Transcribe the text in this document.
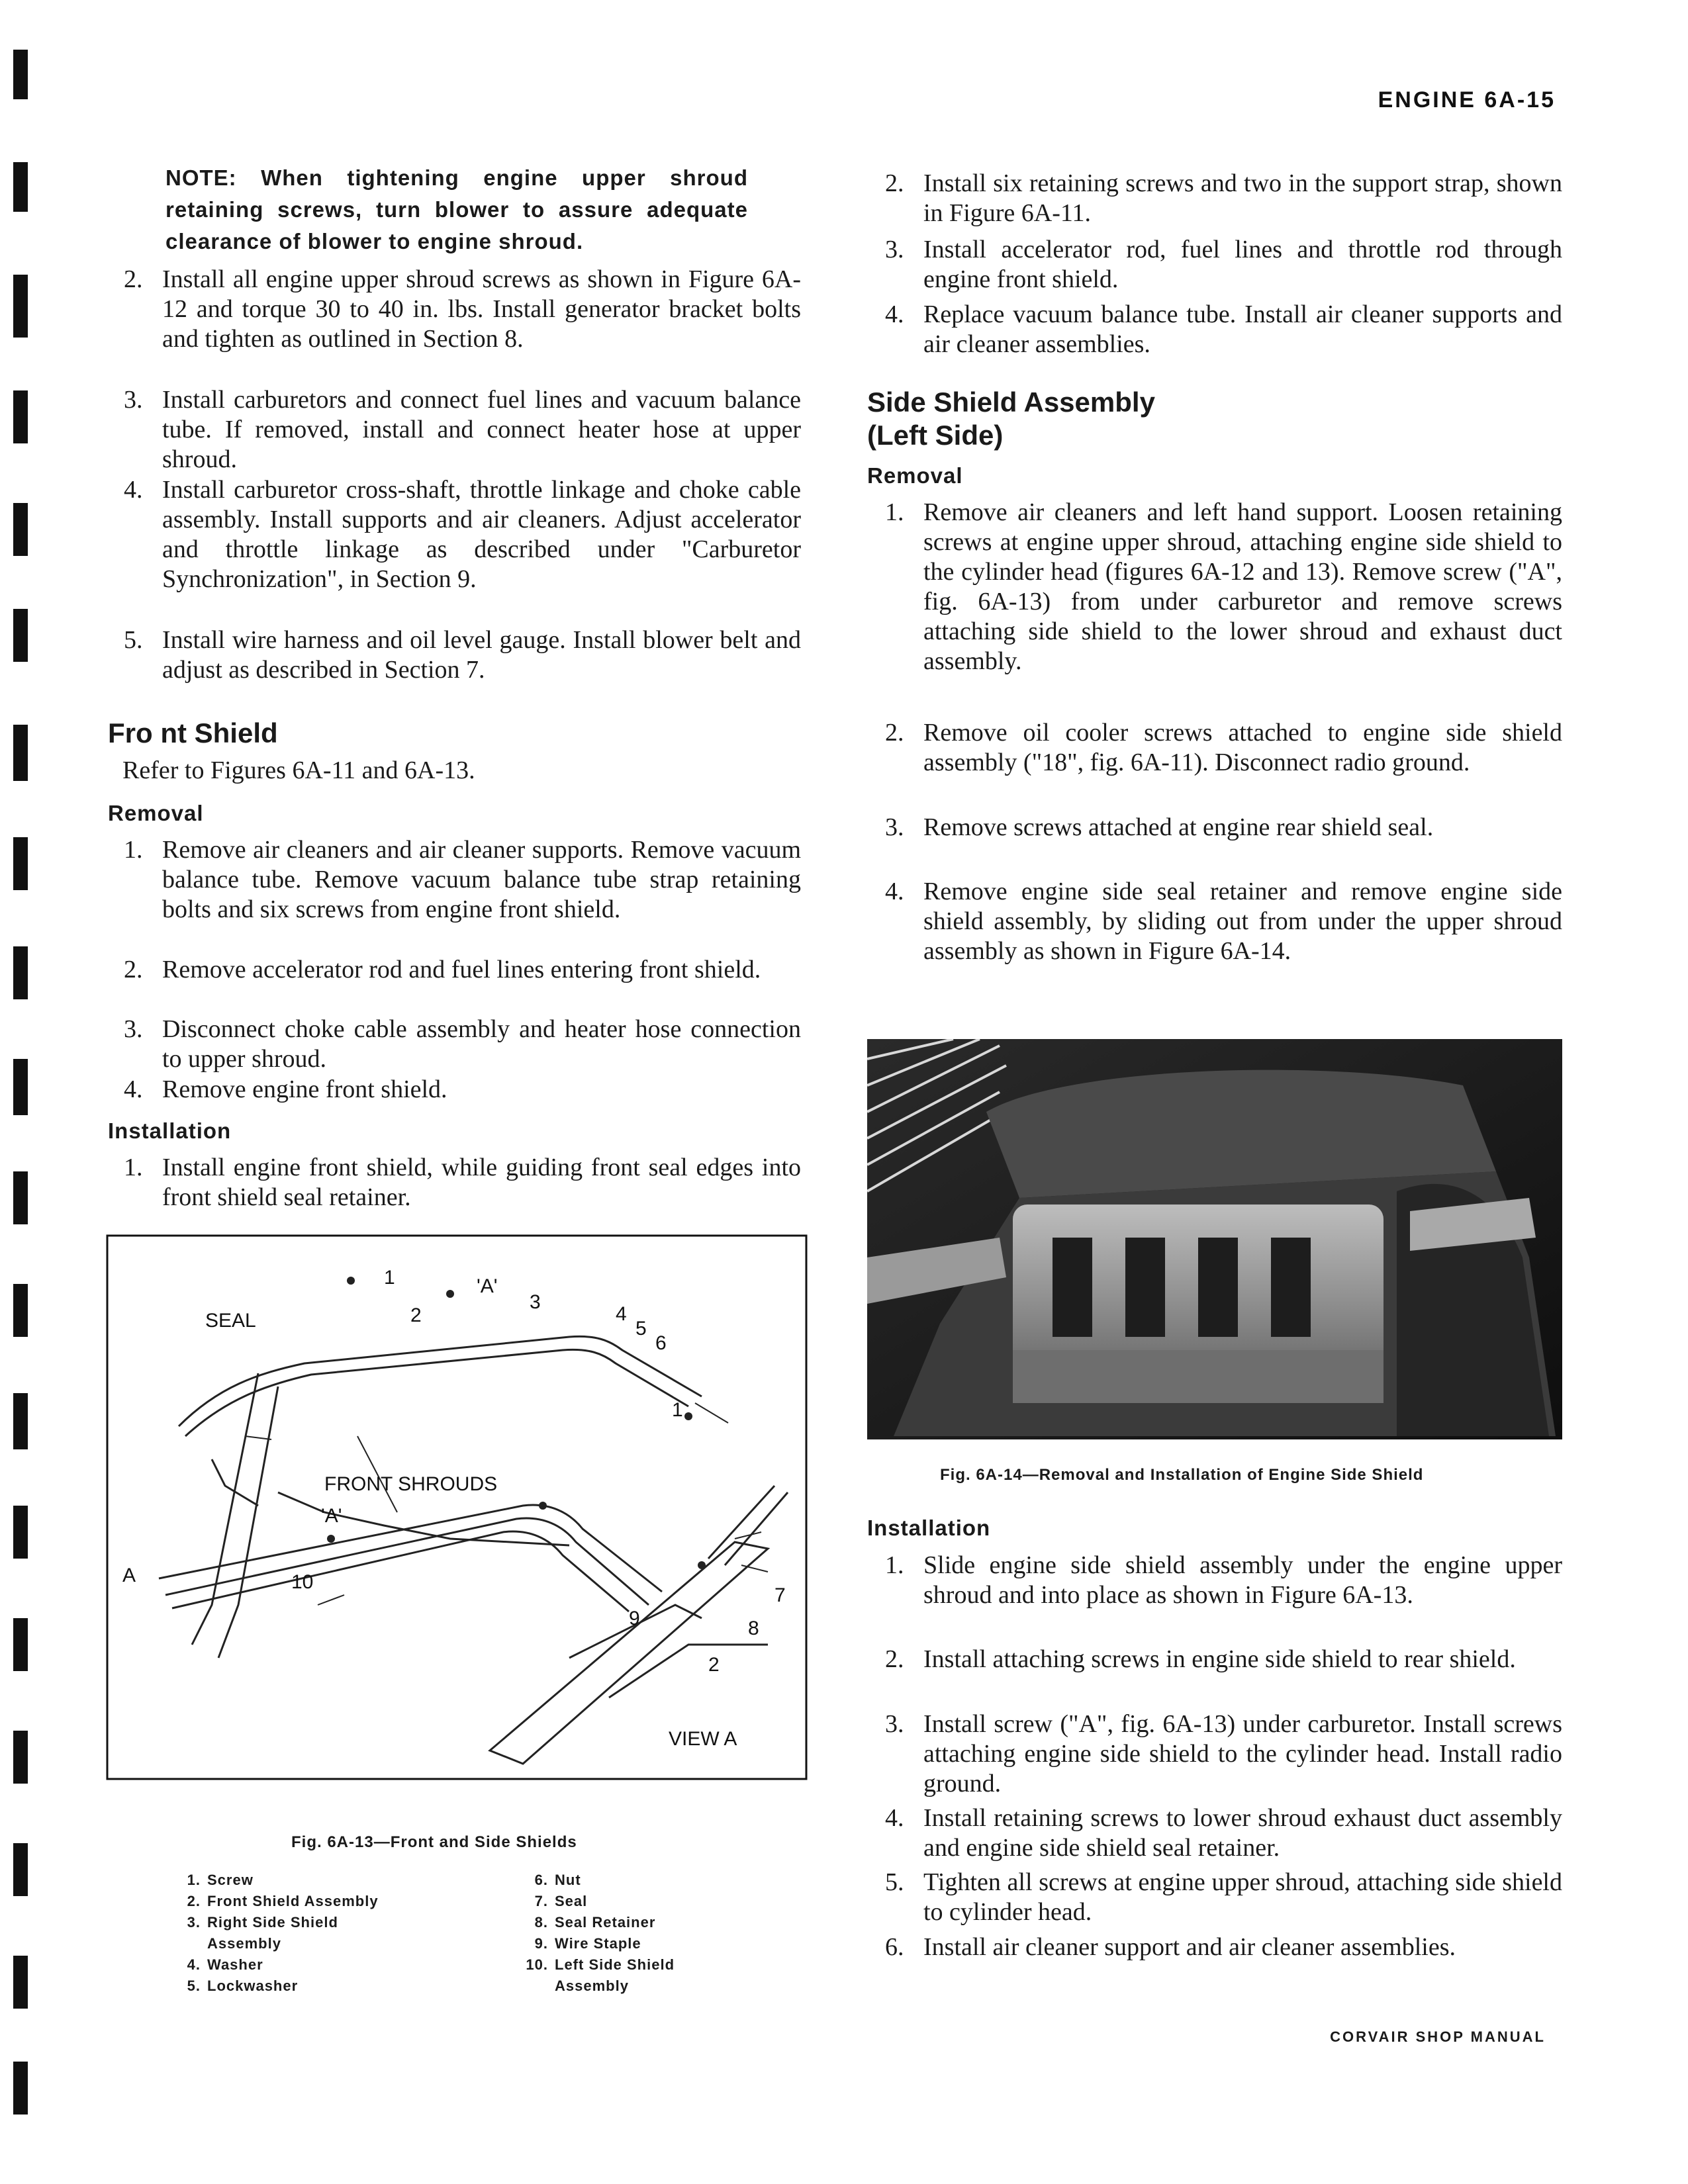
ENGINE 6A-15
NOTE: When tightening engine upper shroud retaining screws, turn blower to assure adequate clearance of blower to engine shroud.
2. Install all engine upper shroud screws as shown in Figure 6A-12 and torque 30 to 40 in. lbs. Install generator bracket bolts and tighten as outlined in Section 8.
3. Install carburetors and connect fuel lines and vacuum balance tube. If removed, install and connect heater hose at upper shroud.
4. Install carburetor cross-shaft, throttle linkage and choke cable assembly. Install supports and air cleaners. Adjust accelerator and throttle linkage as described under "Carburetor Synchronization", in Section 9.
5. Install wire harness and oil level gauge. Install blower belt and adjust as described in Section 7.
Fro nt Shield
Refer to Figures 6A-11 and 6A-13.
Removal
1. Remove air cleaners and air cleaner supports. Remove vacuum balance tube. Remove vacuum balance tube strap retaining bolts and six screws from engine front shield.
2. Remove accelerator rod and fuel lines entering front shield.
3. Disconnect choke cable assembly and heater hose connection to upper shroud.
4. Remove engine front shield.
Installation
1. Install engine front shield, while guiding front seal edges into front shield seal retainer.
1
2
'A'
3
4
5
6
SEAL
1
FRONT SHROUDS
'A'
A	10
7
9	8
2
VIEW A
Fig. 6A-13—Front and Side Shields
1. Screw
2. Front Shield Assembly
3. Right Side Shield Assembly
4. Washer
5. Lockwasher
6. Nut
7. Seal
8. Seal Retainer
9. Wire Staple
10. Left Side Shield Assembly
2. Install six retaining screws and two in the support strap, shown in Figure 6A-11.
3. Install accelerator rod, fuel lines and throttle rod through engine front shield.
4. Replace vacuum balance tube. Install air cleaner supports and air cleaner assemblies.
Side Shield Assembly
(Left Side)
Removal
1. Remove air cleaners and left hand support. Loosen retaining screws at engine upper shroud, attaching engine side shield to the cylinder head (figures 6A-12 and 13). Remove screw ("A", fig. 6A-13) from under carburetor and remove screws attaching side shield to the lower shroud and exhaust duct assembly.
2. Remove oil cooler screws attached to engine side shield assembly ("18", fig. 6A-11). Disconnect radio ground.
3. Remove screws attached at engine rear shield seal.
4. Remove engine side seal retainer and remove engine side shield assembly, by sliding out from under the upper shroud assembly as shown in Figure 6A-14.
Fig. 6A-14—Removal and Installation of Engine Side Shield
Installation
1. Slide engine side shield assembly under the engine upper shroud and into place as shown in Figure 6A-13.
2. Install attaching screws in engine side shield to rear shield.
3. Install screw ("A", fig. 6A-13) under carburetor. Install screws attaching engine side shield to the cylinder head. Install radio ground.
4. Install retaining screws to lower shroud exhaust duct assembly and engine side shield seal retainer.
5. Tighten all screws at engine upper shroud, attaching side shield to cylinder head.
6. Install air cleaner support and air cleaner assemblies.
CORVAIR SHOP MANUAL
